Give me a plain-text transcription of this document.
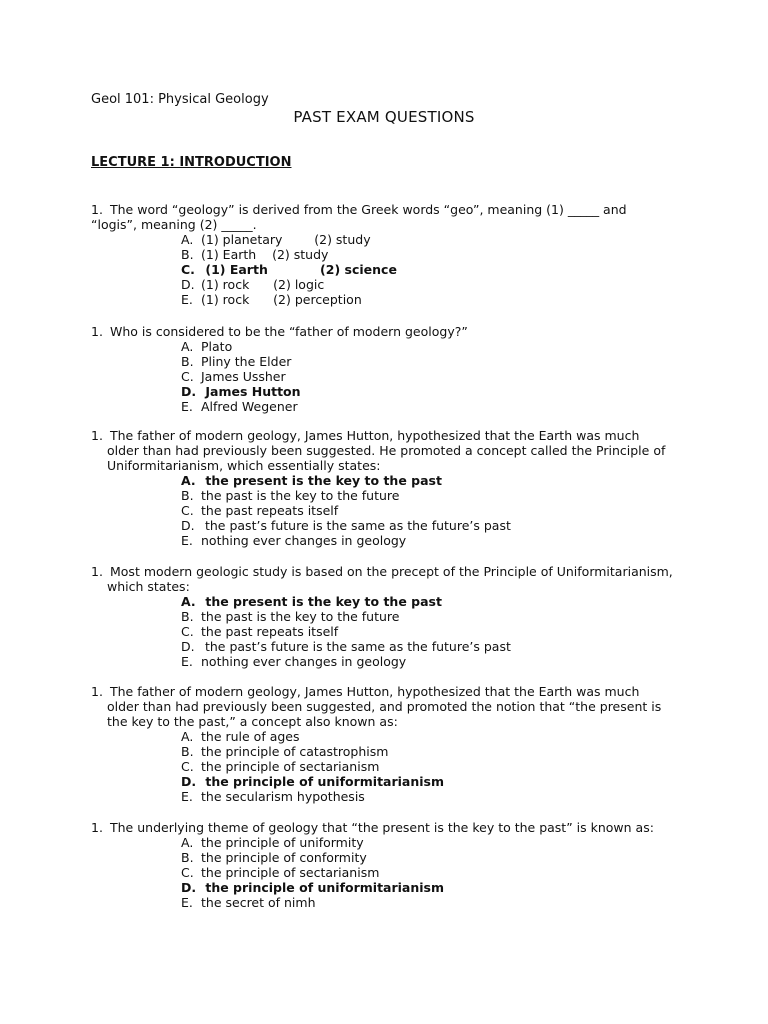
Geol 101: Physical Geology
PAST EXAM QUESTIONS
LECTURE 1: INTRODUCTION
1. The word “geology” is derived from the Greek words “geo”, meaning (1) _____ and
“logis”, meaning (2) _____.
A. (1) planetary        (2) study
B. (1) Earth    (2) study
C. (1) Earth            (2) science
D. (1) rock      (2) logic
E. (1) rock      (2) perception
1. Who is considered to be the “father of modern geology?”
A. Plato
B. Pliny the Elder
C. James Ussher
D. James Hutton
E. Alfred Wegener
1. The father of modern geology, James Hutton, hypothesized that the Earth was much
older than had previously been suggested. He promoted a concept called the Principle of
Uniformitarianism, which essentially states:
A. the present is the key to the past
B. the past is the key to the future
C. the past repeats itself
D. the past’s future is the same as the future’s past
E. nothing ever changes in geology
1. Most modern geologic study is based on the precept of the Principle of Uniformitarianism,
which states:
A. the present is the key to the past
B. the past is the key to the future
C. the past repeats itself
D. the past’s future is the same as the future’s past
E. nothing ever changes in geology
1. The father of modern geology, James Hutton, hypothesized that the Earth was much
older than had previously been suggested, and promoted the notion that “the present is
the key to the past,” a concept also known as:
A. the rule of ages
B. the principle of catastrophism
C. the principle of sectarianism
D. the principle of uniformitarianism
E. the secularism hypothesis
1. The underlying theme of geology that “the present is the key to the past” is known as:
A. the principle of uniformity
B. the principle of conformity
C. the principle of sectarianism
D. the principle of uniformitarianism
E. the secret of nimh
